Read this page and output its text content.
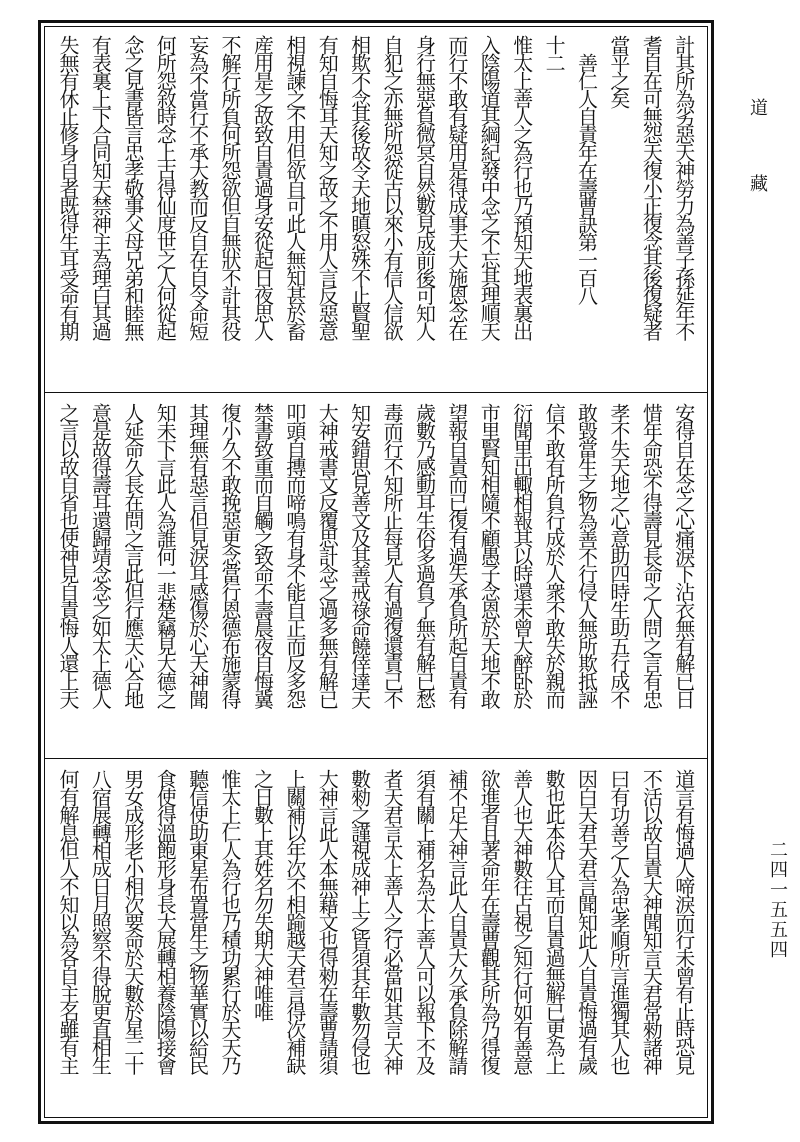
道
藏
二四一五五四
計其所為劣惡天神勞力為善子孫延年不
耆自在可無怨天復小正復念其後復疑者
當平之矣
　善仁人自責年在壽曹訣第一百八
十二
惟太上善人之為行也乃預知天地表裏出
入陰陽道其綱紀發中念之不忘其理順天
而行不敢有疑用是得成事天大施恩念在
身行無惡負微冥自然數見成前後可知人
自犯之亦無所怨從古以來小有信人信欲
相欺不念其後故令天地瞋怒殊不止賢聖
有知自悔耳天知之故之不用人言反惡意
相視諫之不用但欲自可此人無知甚於畜
産用是之故致自責過身安從起日夜思人
不解行所負何所怨欲但自無狀不計其役
妄為不當行不承大教而反自在自令命短
何所怨敘時念上古得仙度世之人何從起
念之見書皆言忠孝敬事父母兄弟和睦無
有表裏上下合同知天禁神主為理白其過
失無有休止修身自者既得生耳受命有期
安得自在念之心痛淚下沾衣無有解已日
惜年命恐不得壽見長命之人問之言有忠
孝不失天地之心意助四時生助五行成不
敢毀當生之物為善不行侵人無所欺抵誣
信不敢有所負行成於人衆不敢失於親而
衍聞里出輙相報其以時還未曾大醉卧於
市里賢知相隨不顧愚子念恩於天地不敢
望報自責而已復有過失承負所起自責有
歲數乃感動耳生俗多過負了無有解已愁
毒而行不知所止每見人有過復還責己不
知安錯思見善文及其善戒祿命饒倖達天
大神戒書文反覆思計念之過多無有解已
叩頭自摶而啼鳴有身不能自正而反多怨
禁書致重而自觸之致命不壽晨夜自悔冀
復小久不敢挽惡更念當行恩德布施蒙得
其理無有惡言但見淚耳感傷於心天神聞
知未下言此人為誰何一悲楚竊見大德之
人延命久長在問之言此但行應天心合地
意是故得壽耳還歸靖念念之如太上德人
之言以故自省也使神見自責悔人還上天
道言有悔過人啼淚而行未曾有止時恐見
不活以故自責大神聞知言天君常勑諸神
曰有功善之人為忠孝順所言進獨其人也
因白天君天君言聞知此人自責悔過有歲
數也此本俗人耳而自責過無解已更為上
善人也大神數往占視之知行何如有善意
欲進者且著命年在壽曹觀其所為乃得復
補不足大神言此人自責大久承負除解請
須有關上補名為太上善人可以報下不及
者天君言太上善人之行必當如其言大神
數勑之謹視成神上之皆須其年數勿侵也
大神言此人本無藉文也得勑在壽曹請須
上關補以年次不相踰越天君言得次補缺
之日數上其姓名勿失期大神唯唯
惟太上仁人為行也乃積功累行於天天乃
聽信使助東星布置當生之物華實以給民
食使得溫飽形身長大展轉相養陰陽接會
男女成形老小相次要命於天數於星二十
八宿展轉相成日月照察不得脫更直相生
何有解息但人不知以為各自主名雖有主
